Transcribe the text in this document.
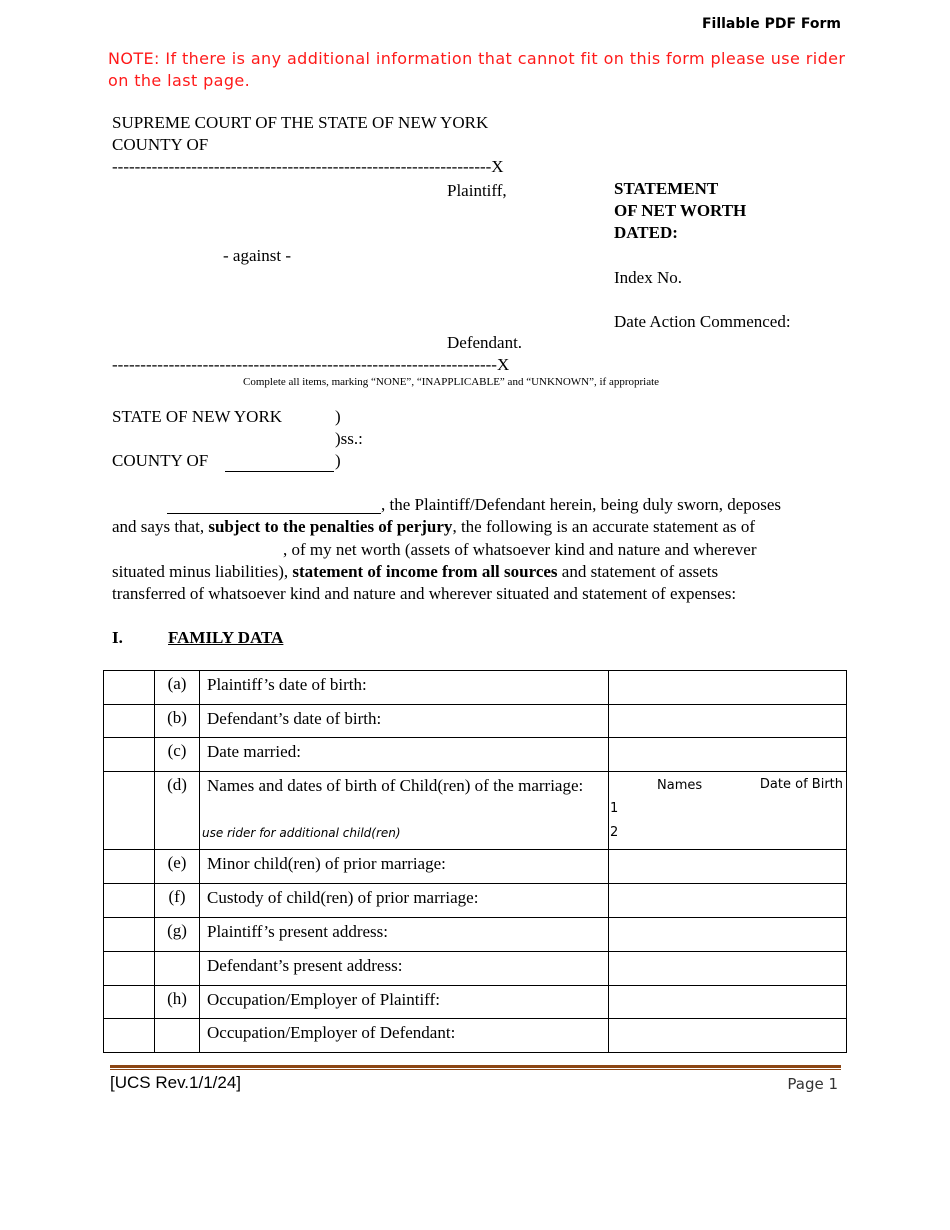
Fillable PDF Form
NOTE: If there is any additional information that cannot fit on this form please use rider on the last page.
SUPREME COURT OF THE STATE OF NEW YORK
COUNTY OF
-------------------------------------------------------------------X
Plaintiff,
- against -
Defendant.
--------------------------------------------------------------------X
STATEMENT
OF NET WORTH
DATED:
Index No.
Date Action Commenced:
Complete all items, marking “NONE”, “INAPPLICABLE” and “UNKNOWN”, if appropriate
STATE OF NEW YORK	)
)ss.:
COUNTY OF	)
, the Plaintiff/Defendant herein, being duly sworn, deposes
and says that, subject to the penalties of perjury, the following is an accurate statement as of
, of my net worth (assets of whatsoever kind and nature and wherever
situated minus liabilities), statement of income from all sources and statement of assets
transferred of whatsoever kind and nature and wherever situated and statement of expenses:
I.	FAMILY DATA
	(a)	Plaintiff’s date of birth:	
	(b)	Defendant’s date of birth:	
	(c)	Date married:	
	(d)	Names and dates of birth of Child(ren) of the marriage:
use rider for additional child(ren)	Names Date of Birth
1
2

	(e)	Minor child(ren) of prior marriage:	
	(f)	Custody of child(ren) of prior marriage:	
	(g)	Plaintiff’s present address:	
		Defendant’s present address:	
	(h)	Occupation/Employer of Plaintiff:	
		Occupation/Employer of Defendant:	
[UCS Rev.1/1/24]	Page 1
